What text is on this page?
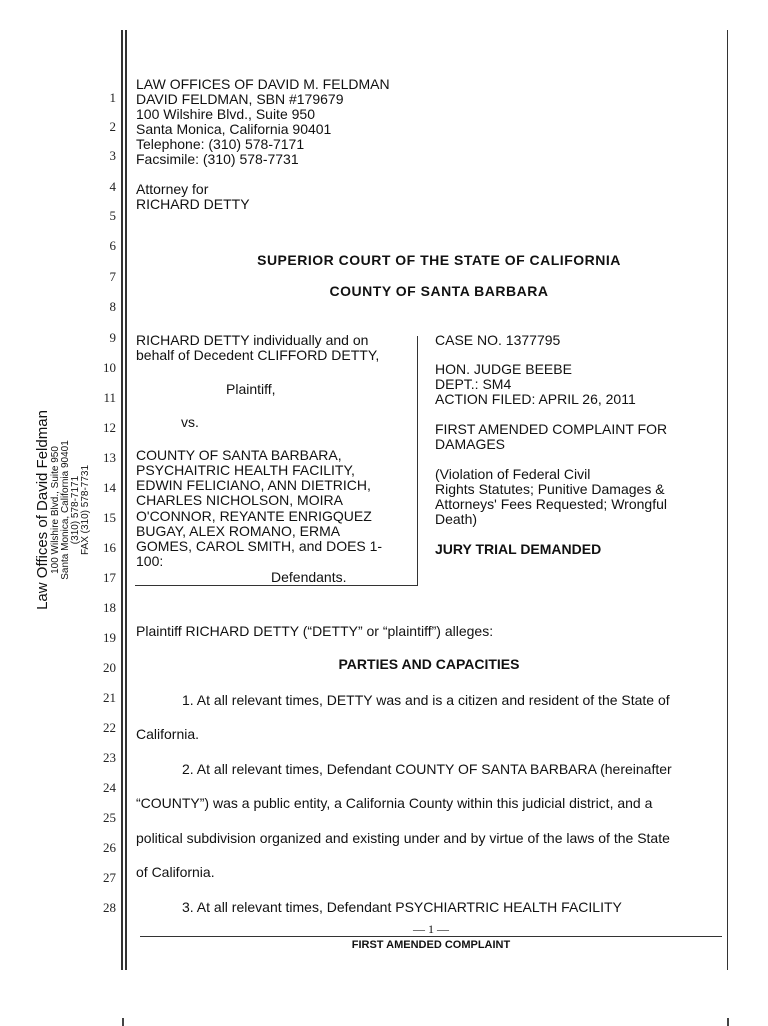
Law Offices of David Feldman 100 Wilshire Blvd., Suite 950 Santa Monica, California 90401 (310) 578-7171 FAX (310) 578-7731
1
2
3
4
5
6
7
8
9
10
11
12
13
14
15
16
17
18
19
20
21
22
23
24
25
26
27
28
LAW OFFICES OF DAVID M. FELDMAN
DAVID FELDMAN, SBN #179679
100 Wilshire Blvd., Suite 950
Santa Monica, California 90401
Telephone: (310) 578-7171
Facsimile: (310) 578-7731
Attorney for
RICHARD DETTY
SUPERIOR COURT OF THE STATE OF CALIFORNIA
COUNTY OF SANTA BARBARA
RICHARD DETTY individually and on
behalf of Decedent CLIFFORD DETTY,
Plaintiff,
vs.
COUNTY OF SANTA BARBARA,
PSYCHAITRIC HEALTH FACILITY,
EDWIN FELICIANO, ANN DIETRICH,
CHARLES NICHOLSON, MOIRA
O'CONNOR, REYANTE ENRIGQUEZ
BUGAY, ALEX ROMANO, ERMA
GOMES, CAROL SMITH, and DOES 1-
100:
Defendants.
CASE NO. 1377795
HON. JUDGE BEEBE
DEPT.: SM4
ACTION FILED: APRIL 26, 2011
FIRST AMENDED COMPLAINT FOR
DAMAGES
(Violation of Federal Civil
Rights Statutes; Punitive Damages &
Attorneys' Fees Requested; Wrongful
Death)
JURY TRIAL DEMANDED
Plaintiff RICHARD DETTY (“DETTY” or “plaintiff”) alleges:
PARTIES AND CAPACITIES
1. At all relevant times, DETTY was and is a citizen and resident of the State of
California.
2. At all relevant times, Defendant COUNTY OF SANTA BARBARA (hereinafter
“COUNTY”) was a public entity, a California County within this judicial district, and a
political subdivision organized and existing under and by virtue of the laws of the State
of California.
3. At all relevant times, Defendant PSYCHIARTRIC HEALTH FACILITY
— 1 —
FIRST AMENDED COMPLAINT
